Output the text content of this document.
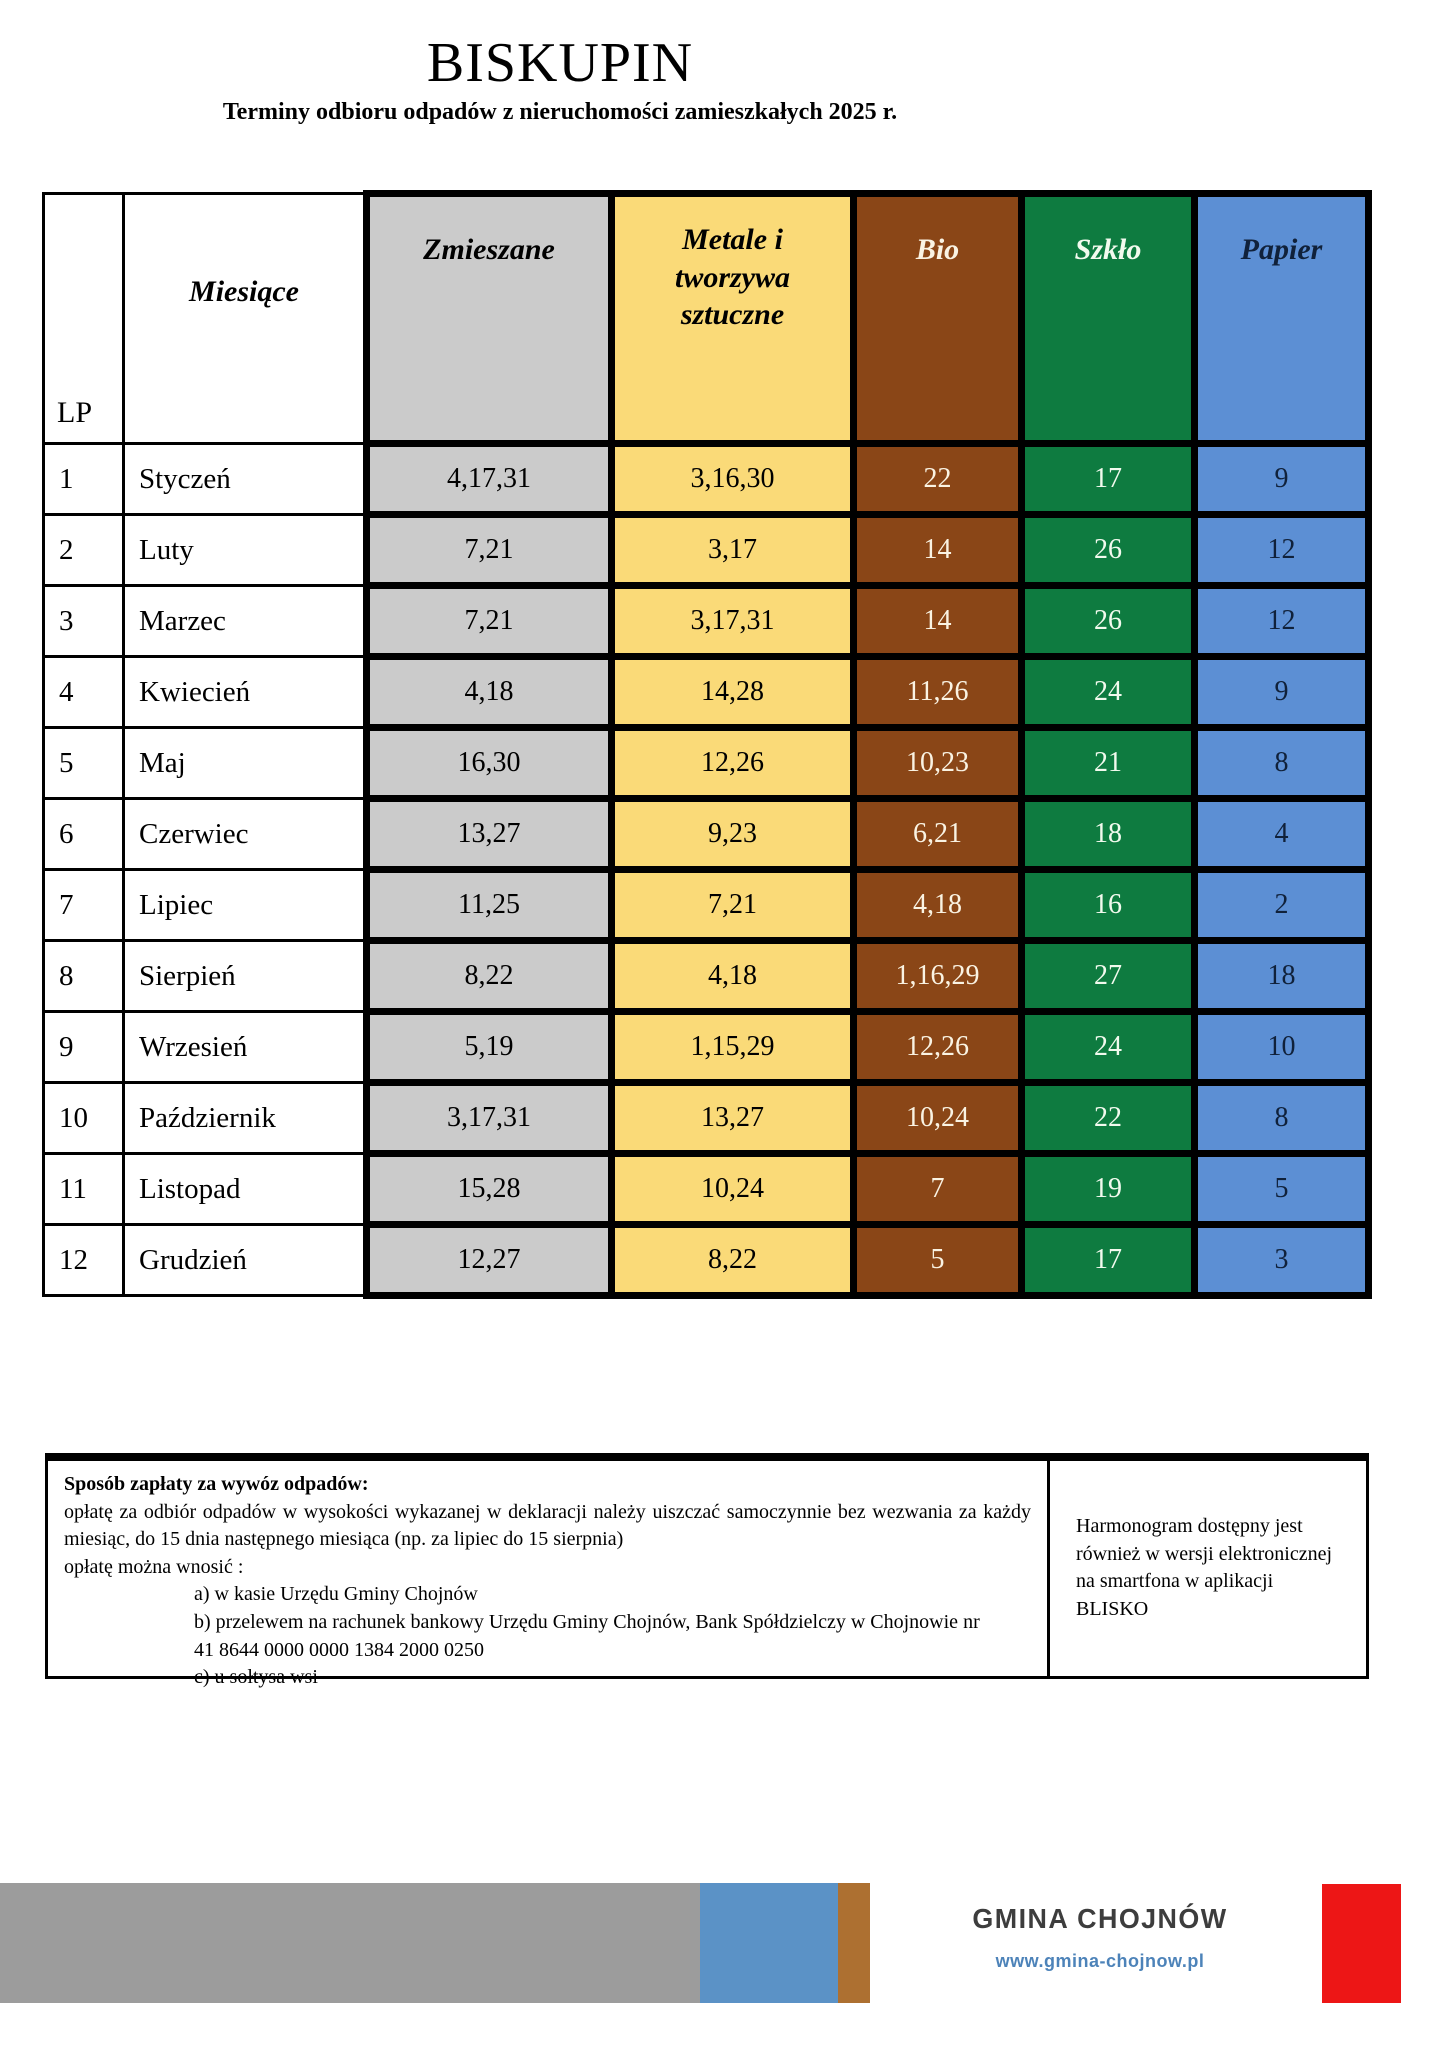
BISKUPIN

Terminy odbioru odpadów z nieruchomości zamieszkałych 2025 r.

LP	Miesiące	Zmieszane	Metale i tworzywa sztuczne	Bio	Szkło	Papier
1	Styczeń	4,17,31	3,16,30	22	17	9
2	Luty	7,21	3,17	14	26	12
3	Marzec	7,21	3,17,31	14	26	12
4	Kwiecień	4,18	14,28	11,26	24	9
5	Maj	16,30	12,26	10,23	21	8
6	Czerwiec	13,27	9,23	6,21	18	4
7	Lipiec	11,25	7,21	4,18	16	2
8	Sierpień	8,22	4,18	1,16,29	27	18
9	Wrzesień	5,19	1,15,29	12,26	24	10
10	Październik	3,17,31	13,27	10,24	22	8
11	Listopad	15,28	10,24	7	19	5
12	Grudzień	12,27	8,22	5	17	3

Sposób zapłaty za wywóz odpadów:

opłatę za odbiór odpadów w wysokości wykazanej w deklaracji należy uiszczać samoczynnie bez wezwania za każdy miesiąc, do 15 dnia następnego miesiąca (np. za lipiec do 15 sierpnia)

opłatę można wnosić :

a) w kasie Urzędu Gminy Chojnów

b) przelewem na rachunek bankowy Urzędu Gminy Chojnów, Bank Spółdzielczy w Chojnowie nr

41 8644 0000 0000 1384 2000 0250

c) u sołtysa wsi

Harmonogram dostępny jest również w wersji elektronicznej na smartfona w aplikacji BLISKO

GMINA CHOJNÓW
www.gmina-chojnow.pl
